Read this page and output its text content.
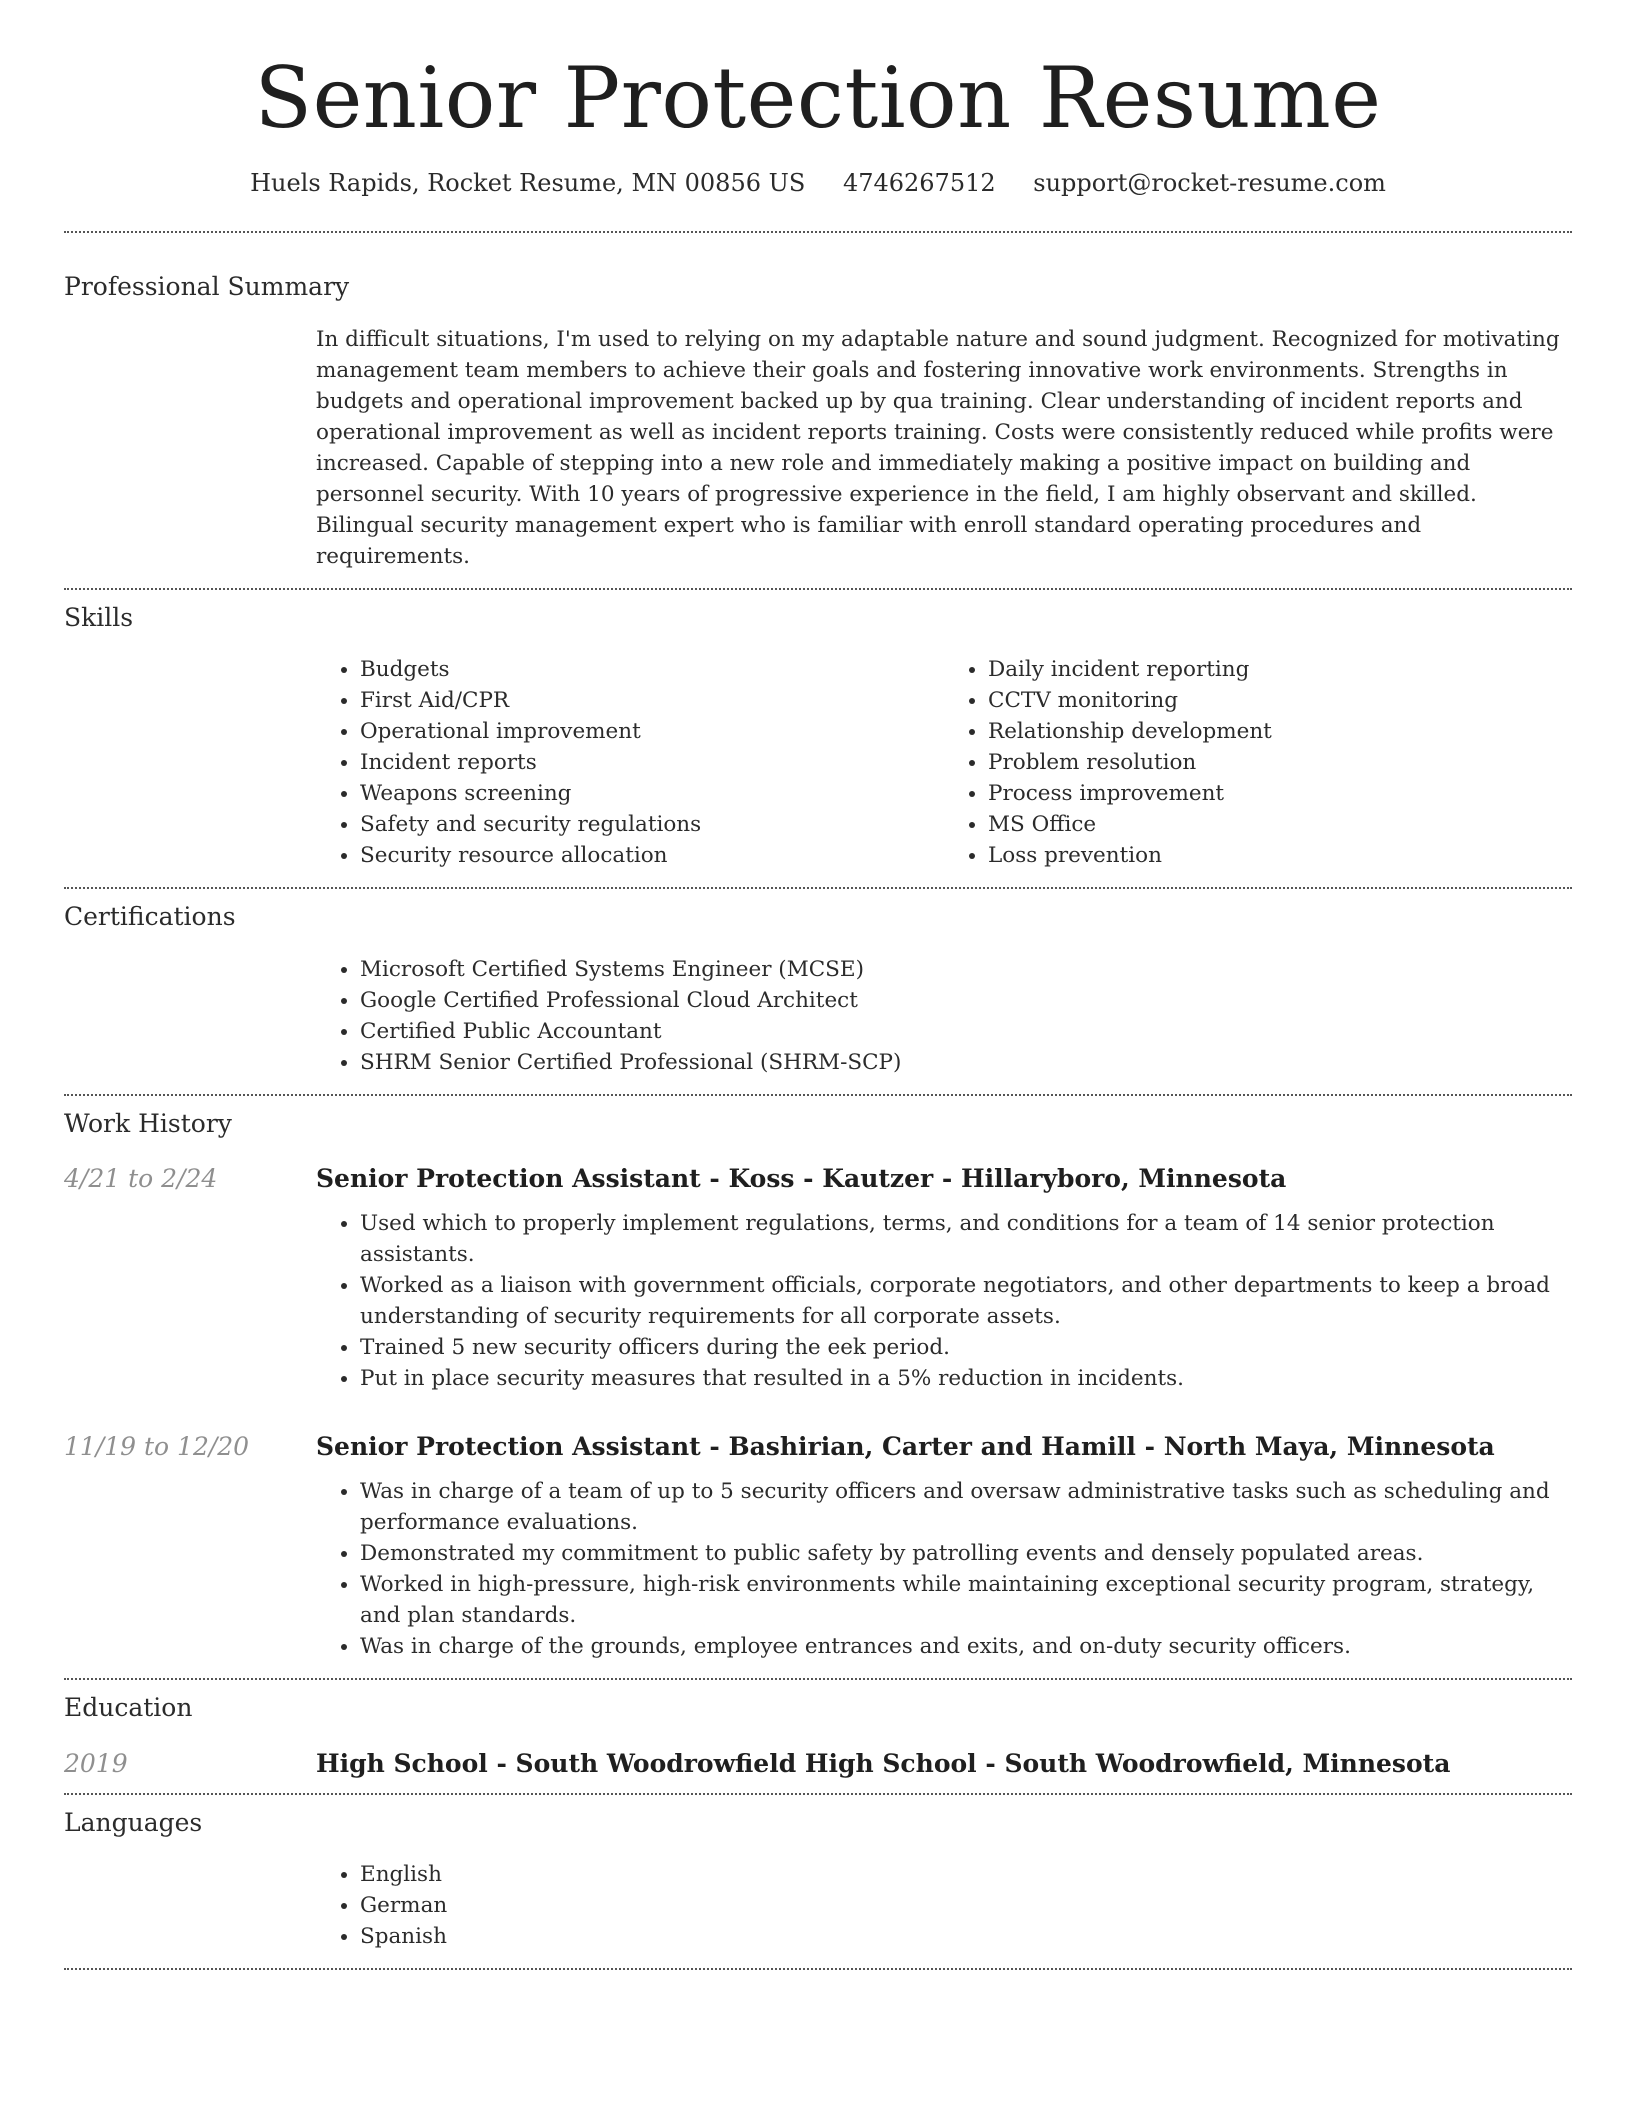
Senior Protection Resume
Huels Rapids, Rocket Resume, MN 00856 US 4746267512 support@rocket-resume.com
Professional Summary

In difficult situations, I'm used to relying on my adaptable nature and sound judgment. Recognized for motivating management team members to achieve their goals and fostering innovative work environments. Strengths in budgets and operational improvement backed up by qua training. Clear understanding of incident reports and operational improvement as well as incident reports training. Costs were consistently reduced while profits were increased. Capable of stepping into a new role and immediately making a positive impact on building and personnel security. With 10 years of progressive experience in the field, I am highly observant and skilled. Bilingual security management expert who is familiar with enroll standard operating procedures and requirements.

Skills
• Budgets
• First Aid/CPR
• Operational improvement
• Incident reports
• Weapons screening
• Safety and security regulations
• Security resource allocation
• Daily incident reporting
• CCTV monitoring
• Relationship development
• Problem resolution
• Process improvement
• MS Office
• Loss prevention
Certifications
• Microsoft Certified Systems Engineer (MCSE)
• Google Certified Professional Cloud Architect
• Certified Public Accountant
• SHRM Senior Certified Professional (SHRM-SCP)
Work History
4/21 to 2/24	Senior Protection Assistant - Koss - Kautzer - Hillaryboro, Minnesota
• Used which to properly implement regulations, terms, and conditions for a team of 14 senior protection assistants.
• Worked as a liaison with government officials, corporate negotiators, and other departments to keep a broad understanding of security requirements for all corporate assets.
• Trained 5 new security officers during the eek period.
• Put in place security measures that resulted in a 5% reduction in incidents.
11/19 to 12/20	Senior Protection Assistant - Bashirian, Carter and Hamill - North Maya, Minnesota
• Was in charge of a team of up to 5 security officers and oversaw administrative tasks such as scheduling and performance evaluations.
• Demonstrated my commitment to public safety by patrolling events and densely populated areas.
• Worked in high-pressure, high-risk environments while maintaining exceptional security program, strategy, and plan standards.
• Was in charge of the grounds, employee entrances and exits, and on-duty security officers.
Education
2019	High School - South Woodrowfield High School - South Woodrowfield, Minnesota
Languages
• English
• German
• Spanish
